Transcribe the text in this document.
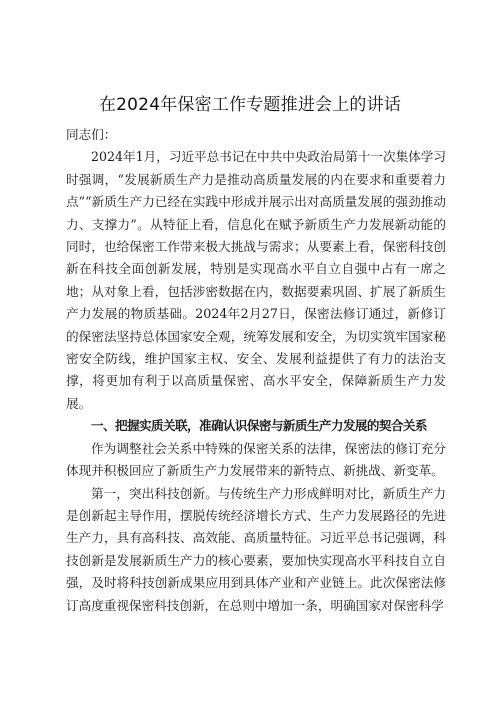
在2024年保密工作专题推进会上的讲话

同志们：

2024年1月，习近平总书记在中共中央政治局第十一次集体学习时强调，“发展新质生产力是推动高质量发展的内在要求和重要着力点”“新质生产力已经在实践中形成并展示出对高质量发展的强劲推动力、支撑力”。从特征上看，信息化在赋予新质生产力发展新动能的同时，也给保密工作带来极大挑战与需求；从要素上看，保密科技创新在科技全面创新发展，特别是实现高水平自立自强中占有一席之地；从对象上看，包括涉密数据在内，数据要素巩固、扩展了新质生产力发展的物质基础。2024年2月27日，保密法修订通过，新修订的保密法坚持总体国家安全观，统筹发展和安全，为切实筑牢国家秘密安全防线，维护国家主权、安全、发展利益提供了有力的法治支撑，将更加有利于以高质量保密、高水平安全，保障新质生产力发展。

一、把握实质关联，准确认识保密与新质生产力发展的契合关系

作为调整社会关系中特殊的保密关系的法律，保密法的修订充分体现并积极回应了新质生产力发展带来的新特点、新挑战、新变革。

第一，突出科技创新。与传统生产力形成鲜明对比，新质生产力是创新起主导作用，摆脱传统经济增长方式、生产力发展路径的先进生产力，具有高科技、高效能、高质量特征。习近平总书记强调，科技创新是发展新质生产力的核心要素，要加快实现高水平科技自立自强，及时将科技创新成果应用到具体产业和产业链上。此次保密法修订高度重视保密科技创新，在总则中增加一条，明确国家对保密科学
